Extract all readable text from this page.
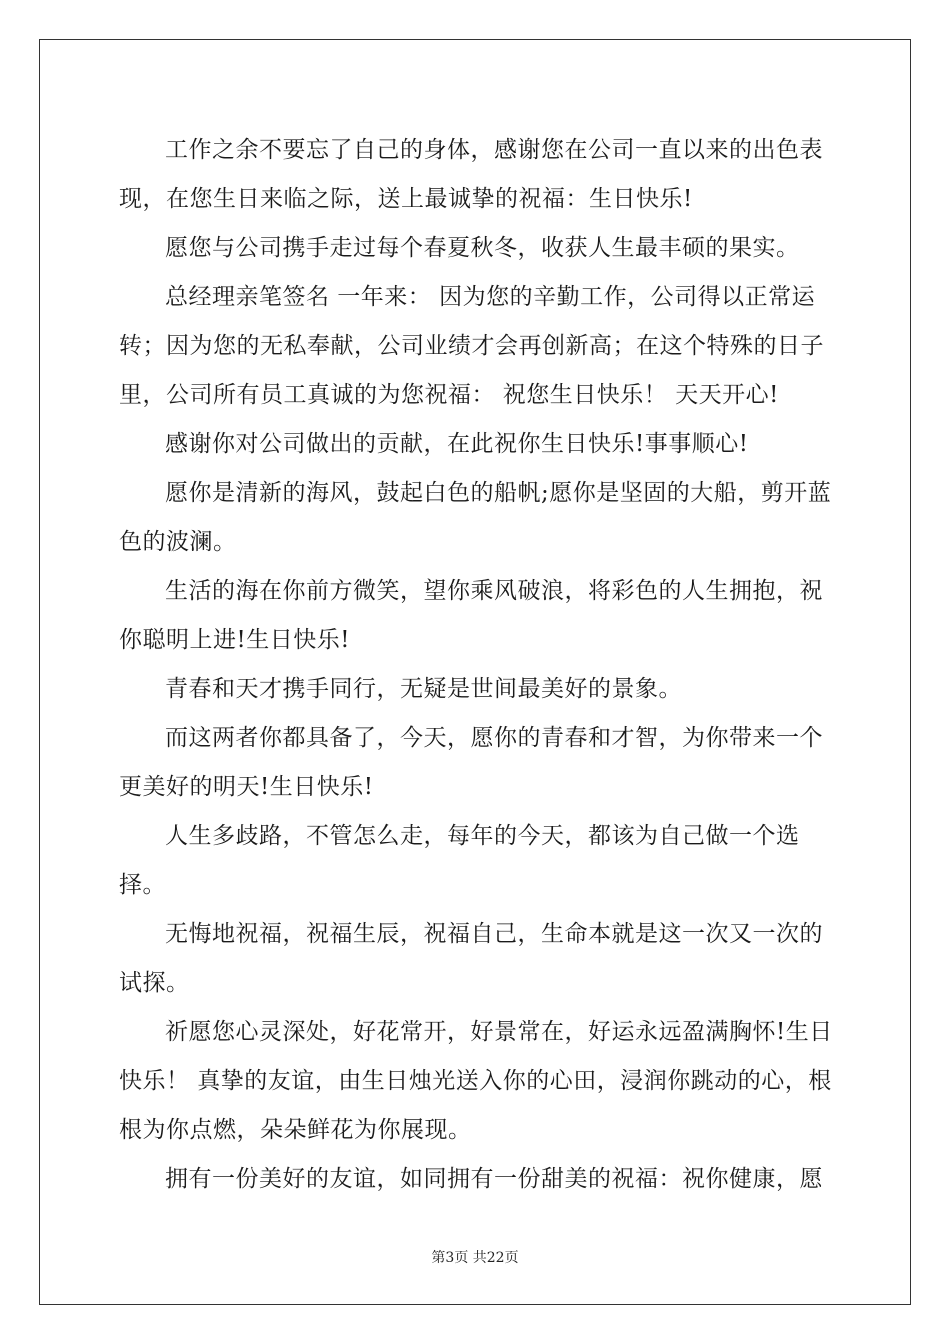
工作之余不要忘了自己的身体，感谢您在公司一直以来的出色表现，在您生日来临之际，送上最诚挚的祝福：生日快乐!

愿您与公司携手走过每个春夏秋冬，收获人生最丰硕的果实。

总经理亲笔签名 一年来： 因为您的辛勤工作，公司得以正常运转；因为您的无私奉献，公司业绩才会再创新高；在这个特殊的日子里，公司所有员工真诚的为您祝福： 祝您生日快乐！ 天天开心!

感谢你对公司做出的贡献，在此祝你生日快乐!事事顺心!

愿你是清新的海风，鼓起白色的船帆;愿你是坚固的大船，剪开蓝色的波澜。

生活的海在你前方微笑，望你乘风破浪，将彩色的人生拥抱，祝你聪明上进!生日快乐!

青春和天才携手同行，无疑是世间最美好的景象。

而这两者你都具备了，今天，愿你的青春和才智，为你带来一个更美好的明天!生日快乐!

人生多歧路，不管怎么走，每年的今天，都该为自己做一个选择。

无悔地祝福，祝福生辰，祝福自己，生命本就是这一次又一次的试探。

祈愿您心灵深处，好花常开，好景常在，好运永远盈满胸怀!生日快乐！ 真挚的友谊，由生日烛光送入你的心田，浸润你跳动的心，根根为你点燃，朵朵鲜花为你展现。

拥有一份美好的友谊，如同拥有一份甜美的祝福：祝你健康，愿

第3页 共22页
